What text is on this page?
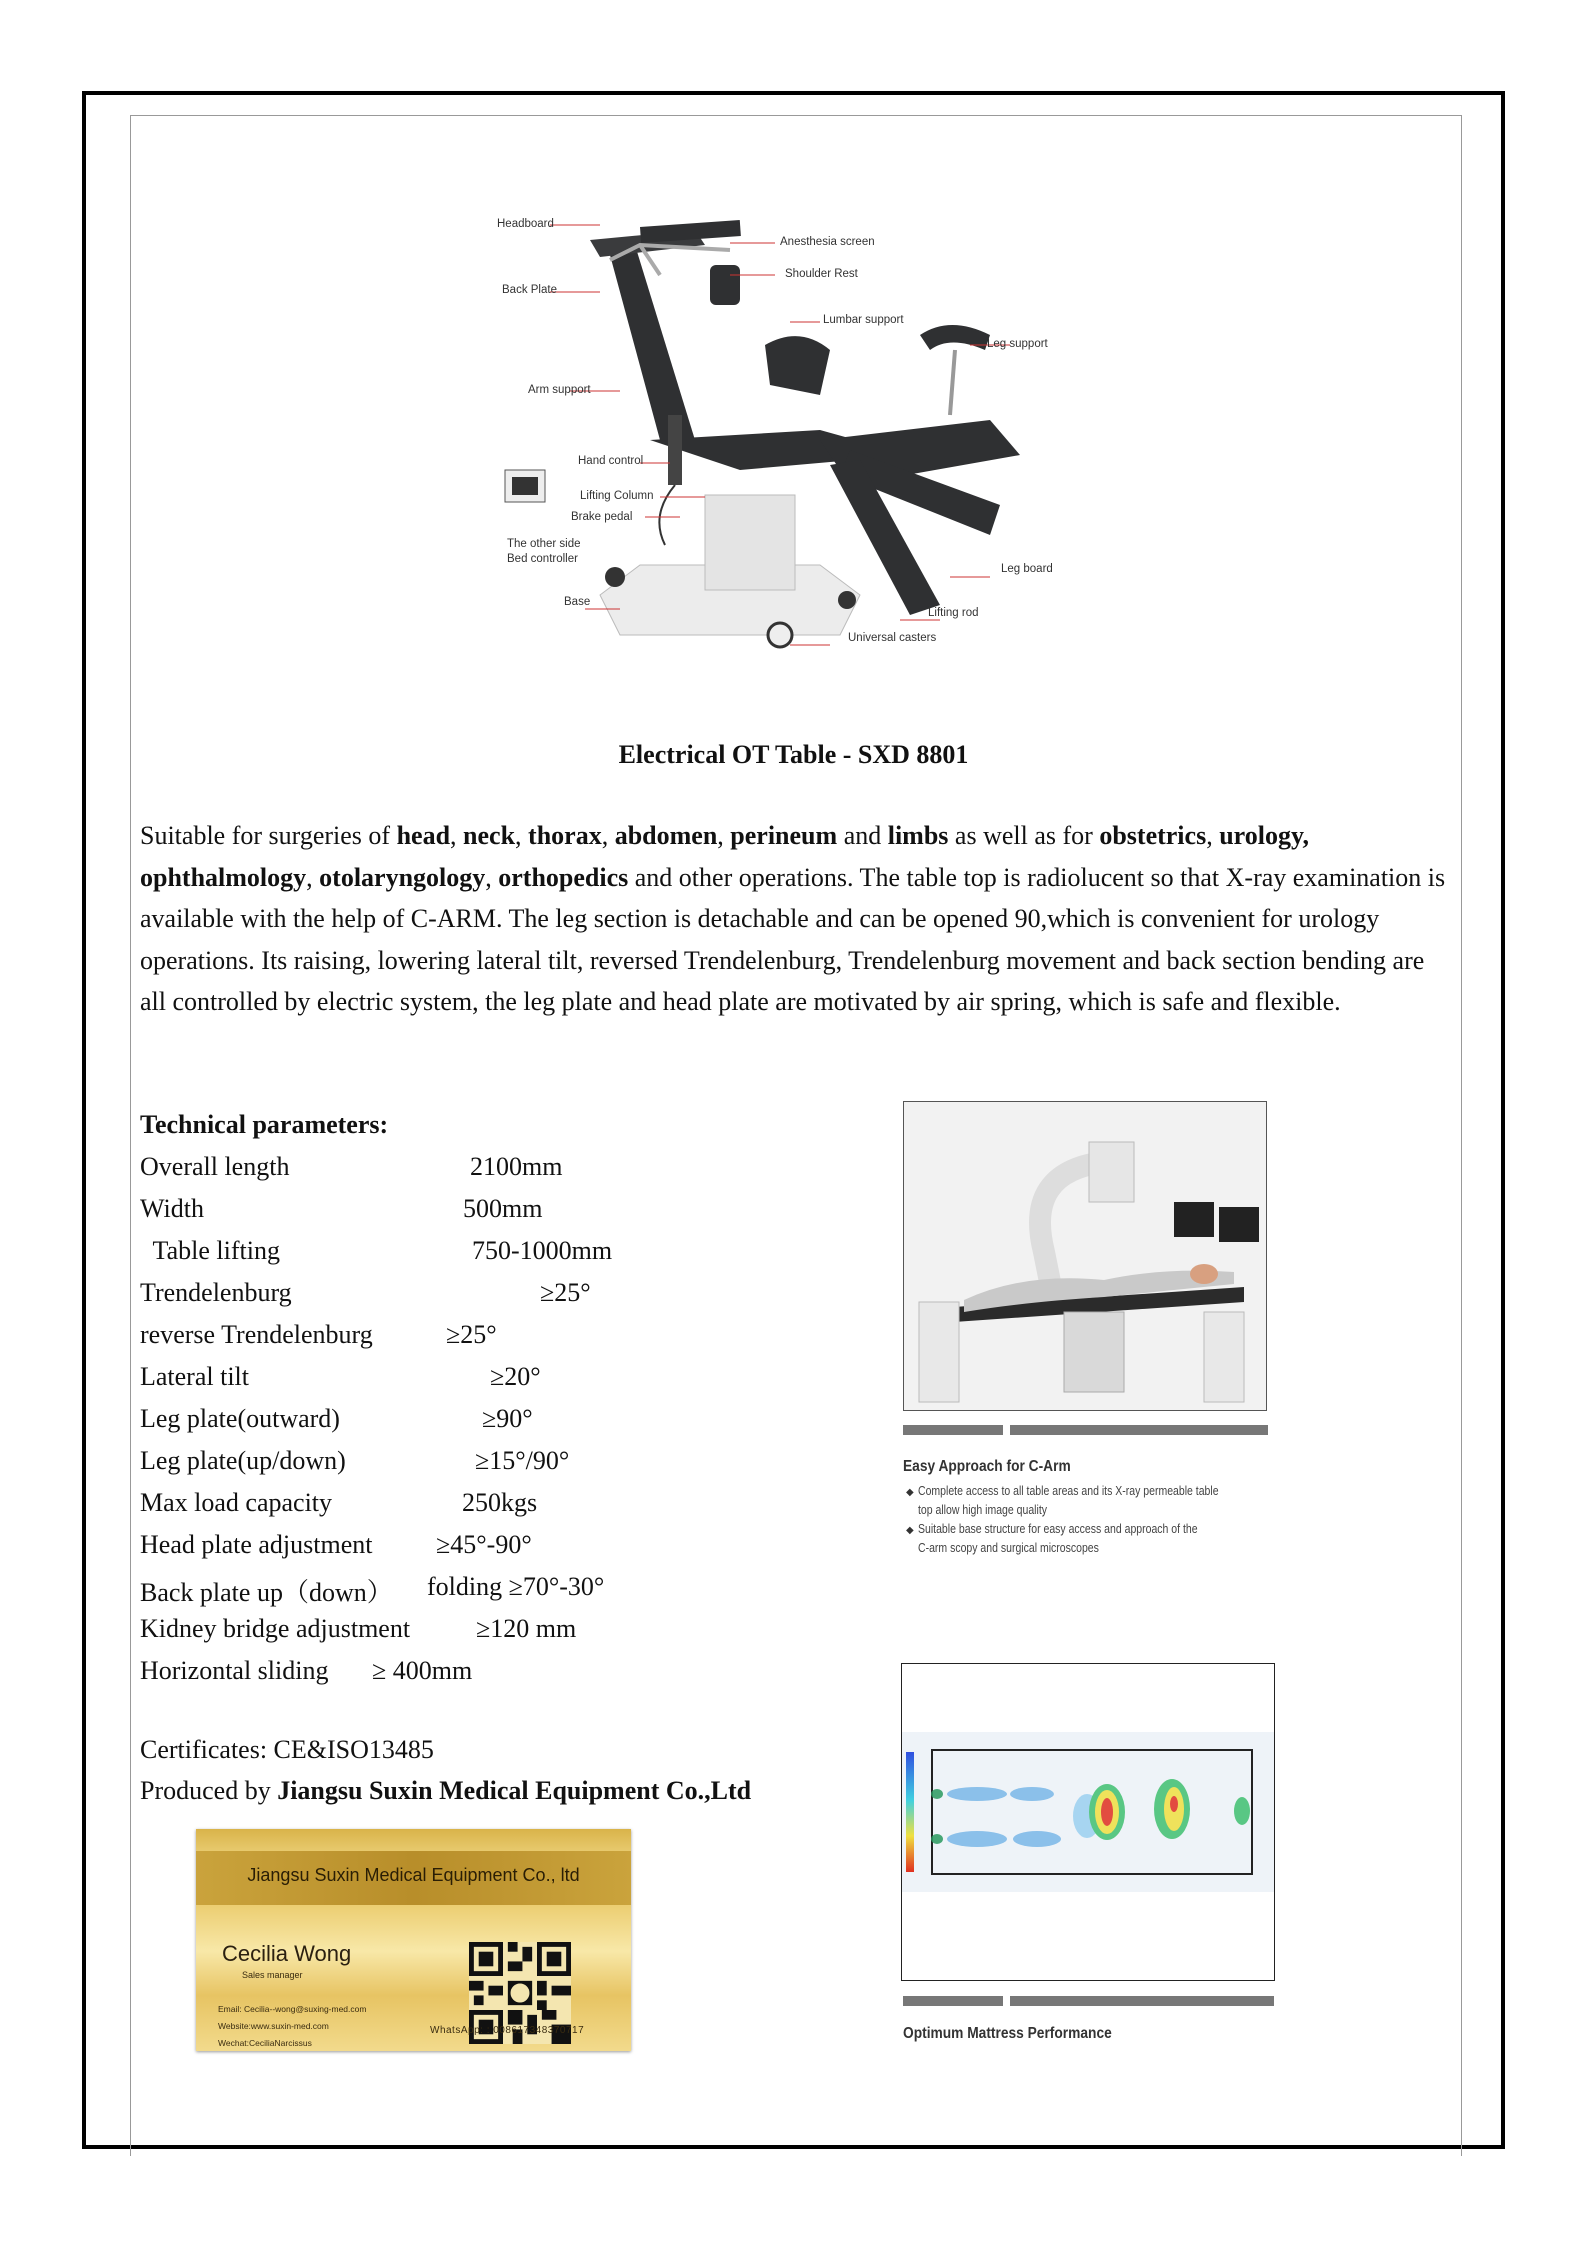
Headboard
Anesthesia screen
Back Plate
Shoulder Rest
Lumbar support
Leg support
Arm support
Hand control
Lifting Column
Brake pedal
The other side
Bed controller
Leg board
Base
Lifting rod
Universal casters
Electrical OT Table - SXD 8801
Suitable for surgeries of head, neck, thorax, abdomen, perineum and limbs as well as for obstetrics, urology, ophthalmology, otolaryngology, orthopedics and other operations. The table top is radiolucent so that X-ray examination is available with the help of C-ARM. The leg section is detachable and can be opened 90,which is convenient for urology operations. Its raising, lowering lateral tilt, reversed Trendelenburg, Trendelenburg movement and back section bending are all controlled by electric system, the leg plate and head plate are motivated by air spring, which is safe and flexible.
Technical parameters:
Overall length	2100mm
Width	500mm
Table lifting	750-1000mm
Trendelenburg	≥25°
reverse Trendelenburg	≥25°
Lateral tilt	≥20°
Leg plate(outward)	≥90°
Leg plate(up/down)	≥15°/90°
Max load capacity	250kgs
Head plate adjustment ≥45°-90°
Back plate up（down） folding ≥70°-30°
Kidney bridge adjustment	≥120 mm
Horizontal sliding ≥ 400mm
Certificates: CE&ISO13485
Produced by Jiangsu Suxin Medical Equipment Co.,Ltd
Jiangsu Suxin Medical Equipment Co., ltd
Cecilia Wong
Sales manager
Email: Cecilia--wong@suxing-med.com
Website:www.suxin-med.com
Wechat:CeciliaNarcissus
WhatsApp: : 008617348370717
Easy Approach for C-Arm
◆ Complete access to all table areas and its X-ray permeable table
top allow high image quality
◆ Suitable base structure for easy access and approach of the
C-arm scopy and surgical microscopes
Optimum Mattress Performance
